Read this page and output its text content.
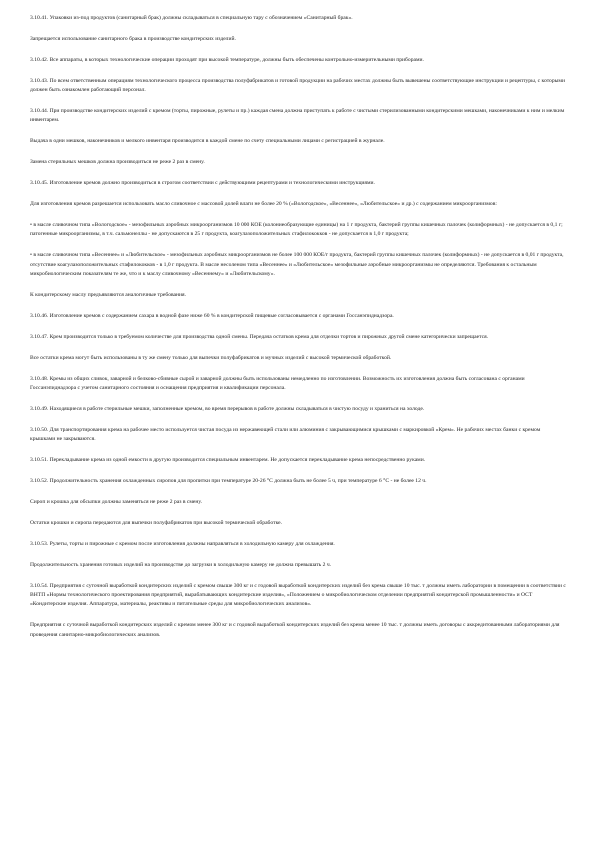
3.10.41. Упаковки из-под продуктов (санитарный брак) должны складываться в специальную тару с обозначением «Санитарный брак».

Запрещается использование санитарного брака в производстве кондитерских изделий.

3.10.42. Все аппараты, в которых технологические операции проходят при высокой температуре, должны быть обеспечены контрольно-измерительными приборами.

3.10.43. По всем ответственным операциям технологического процесса производства полуфабрикатов и готовой продукции на рабочих местах должны быть вывешены соответствующие инструкции и рецептуры, с которыми должен быть ознакомлен работающий персонал.

3.10.44. При производстве кондитерских изделий с кремом (торты, пирожные, рулеты и пр.) каждая смена должна приступать к работе с чистыми стерилизованными кондитерскими мешками, наконечниками к ним и мелким инвентарем.

Выдача в одни мешков, наконечников и мелкого инвентаря производится в каждой смене по счету специальными лицами с регистрацией в журнале.

Замена стерильных мешков должна производиться не реже 2 раз в смену.

3.10.45. Изготовление кремов должно производиться в строгом соответствии с действующими рецептурами и технологическими инструкциями.

Для изготовления кремов разрешается использовать масло сливочное с массовой долей влаги не более 20 % («Вологодское», «Весеннее», «Любительское» и др.) с содержанием микроорганизмов:

• в масле сливочном типа «Вологодское» - мезофильных аэробных микроорганизмов 10 000 КОЕ (колониеобразующие единицы) на 1 г продукта, бактерий группы кишечных палочек (колиформных) - не допускается в 0,1 г; патогенные микроорганизмы, в т.ч. сальмонеллы - не допускаются в 25 г продукта, коагулазоположительных стафилококков - не допускается в 1,0 г продукта;

• в масле сливочном типа «Весеннее» и «Любительское» - мезофильных аэробных микроорганизмов не более 100 000 КОЕ/г продукта, бактерий группы кишечных палочек (колиформных) - не допускается в 0,01 г продукта, отсутствие коагулазоположительных стафилококков - в 1,0 г продукта. В масле несоленом типа «Весеннее» и «Любительское» мезофильные аэробные микроорганизмы не определяются. Требования к остальным микробиологическим показателям те же, что и к маслу сливочному «Весеннему» и «Любительскому».

К кондитерскому маслу предъявляются аналогичные требования.

3.10.46. Изготовление кремов с содержанием сахара в водной фазе ниже 60 % в кондитерской пищевые согласовывается с органами Госсанэпиднадзора.

3.10.47. Крем производится только в требуемом количестве для производства одной смены. Передача остатков крема для отделки тортов и пирожных другой смене категорически запрещается.

Все остатки крема могут быть использованы в ту же смену только для выпечки полуфабрикатов и мучных изделий с высокой термической обработкой.

3.10.48. Кремы из общих сливок, заварной и белково-сбивные сырой и заварной должны быть использованы немедленно по изготовлении. Возможность их изготовления должна быть согласована с органами Госсанэпиднадзора с учетом санитарного состояния и оснащения предприятия и квалификации персонала.

3.10.49. Находящиеся в работе стерильные мешки, заполненные кремом, во время перерывов в работе должны складываться в чистую посуду и храниться на холоде.

3.10.50. Для транспортирования крема на рабочее место используется чистая посуда из нержавеющей стали или алюминия с закрывающимися крышками с маркировкой «Крем». Не рабочих местах банки с кремом крышками не закрываются.

3.10.51. Перекладывание крема из одной емкости в другую производится специальным инвентарем. Не допускается перекладывание крема непосредственно руками.

3.10.52. Продолжительность хранения охлажденных сиропов для пропитки при температуре 20-26 °С должна быть не более 5 ч, при температуре 6 °С - не более 12 ч.

Сироп и крошка для обсыпки должны заменяться не реже 2 раз в смену.

Остатки крошки и сиропа передаются для выпечки полуфабрикатов при высокой термической обработке.

3.10.53. Рулеты, торты и пирожные с кремом после изготовления должны направляться в холодильную камеру для охлаждения.

Продолжительность хранения готовых изделий на производстве до загрузки в холодильную камеру не должна превышать 2 ч.

3.10.54. Предприятия с суточной выработкой кондитерских изделий с кремом свыше 300 кг и с годовой выработкой кондитерских изделий без крема свыше 10 тыс. т должны иметь лаборатории в помещении в соответствии с ВНТП «Нормы технологического проектирования предприятий, вырабатывающих кондитерские изделия», «Положением о микробиологическом отделении предприятий кондитерской промышленности» и ОСТ «Кондитерские изделия. Аппаратура, материалы, реактивы и питательные среды для микробиологических анализов».

Предприятия с суточной выработкой кондитерских изделий с кремом менее 300 кг и с годовой выработкой кондитерских изделий без крема менее 10 тыс. т должны иметь договоры с аккредитованными лабораториями для проведения санитарно-микробиологических анализов.
